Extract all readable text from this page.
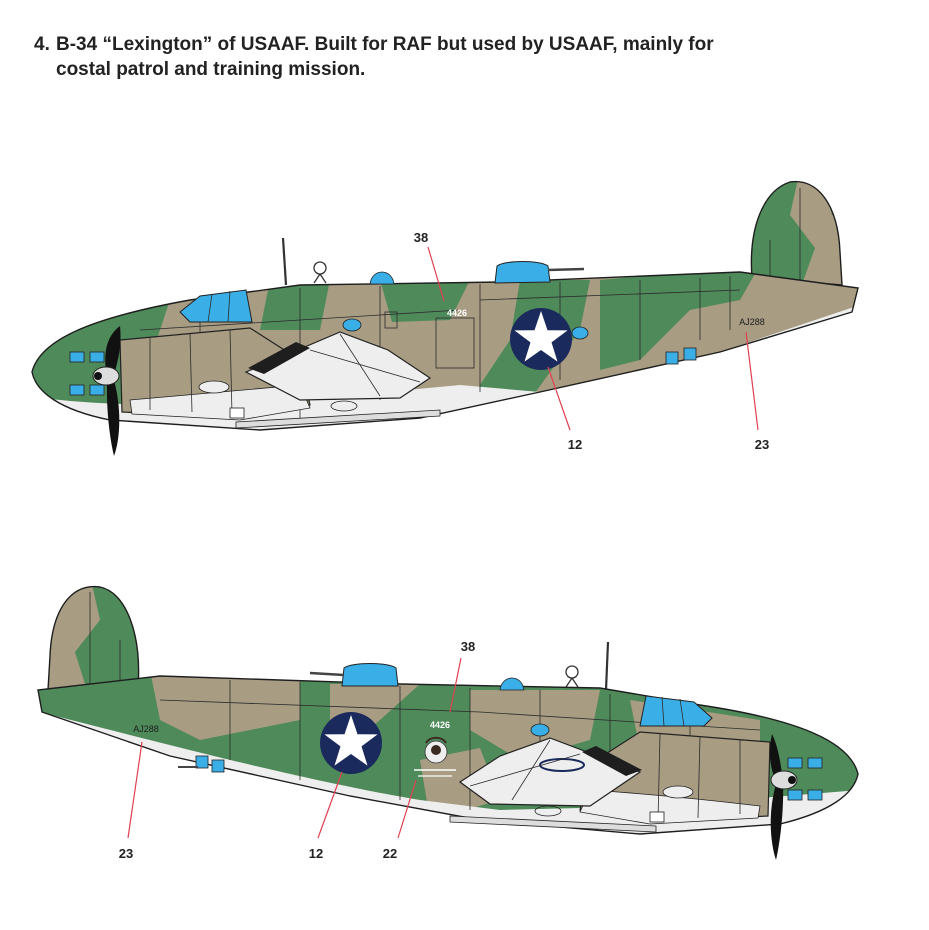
4. B-34 “Lexington” of USAAF. Built for RAF but used by USAAF, mainly for
costal patrol and training mission.
4426
AJ288
38
12	23
4426
AJ288
38
23	12	22
